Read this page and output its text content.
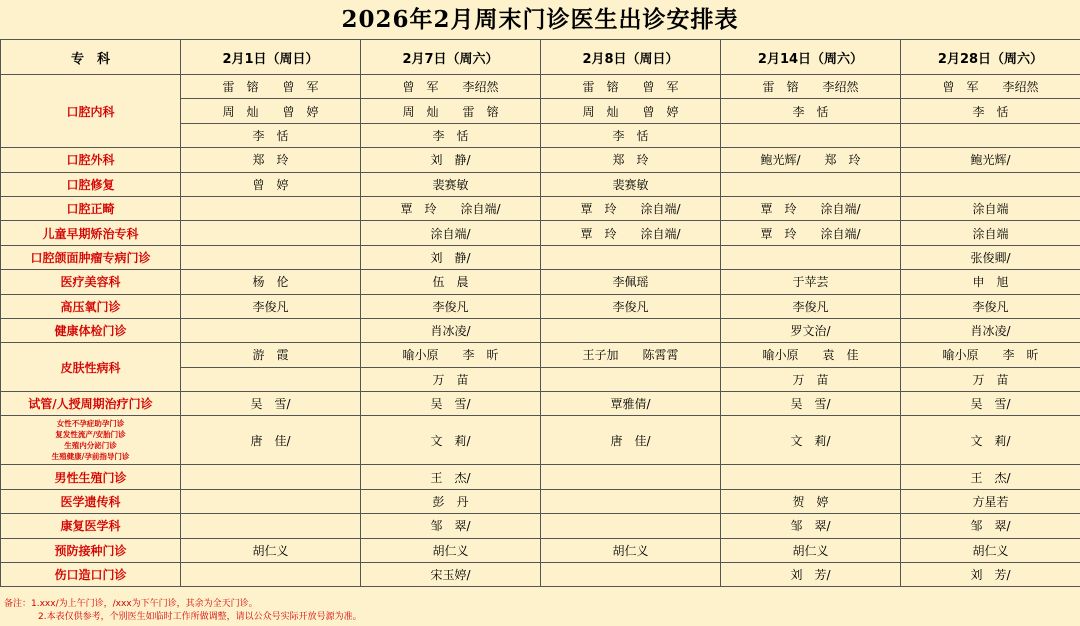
2026年2月周末门诊医生出诊安排表
专　科	2月1日（周日）	2月7日（周六）	2月8日（周日）	2月14日（周六）	2月28日（周六）
口腔内科	雷　镕　　曾　军	曾　军　　李绍然	雷　镕　　曾　军	雷　镕　　李绍然	曾　军　　李绍然
	周　灿　　曾　婷	周　灿　　雷　镕	周　灿　　曾　婷	李　恬	李　恬
	李　恬	李　恬	李　恬		
口腔外科	郑　玲	刘　静/	郑　玲	鲍光辉/　　郑　玲	鲍光辉/
口腔修复	曾　婷	裴赛敏	裴赛敏		
口腔正畸		覃　玲　　涂自端/	覃　玲　　涂自端/	覃　玲　　涂自端/	涂自端
儿童早期矫治专科		涂自端/	覃　玲　　涂自端/	覃　玲　　涂自端/	涂自端
口腔颌面肿瘤专病门诊		刘　静/			张俊卿/
医疗美容科	杨　伦	伍　晨	李佩瑶	于苹芸	申　旭
高压氧门诊	李俊凡	李俊凡	李俊凡	李俊凡	李俊凡
健康体检门诊		肖冰凌/		罗文治/	肖冰凌/
皮肤性病科	游　霞	喻小原　　李　昕	王子加　　陈霄霄	喻小原　　袁　佳	喻小原　　李　昕
		万　苗		万　苗	万　苗
试管/人授周期治疗门诊	吴　雪/	吴　雪/	覃雅倩/	吴　雪/	吴　雪/

女性不孕症助孕门诊
复发性流产/安胎门诊
生殖内分泌门诊
生殖健康/孕前指导门诊	唐　佳/	文　莉/	唐　佳/	文　莉/	文　莉/
男性生殖门诊		王　杰/			王　杰/
医学遗传科		彭　丹		贺　婷	方星若
康复医学科		邹　翠/		邹　翠/	邹　翠/
预防接种门诊	胡仁义	胡仁义	胡仁义	胡仁义	胡仁义
伤口造口门诊		宋玉婷/		刘　芳/	刘　芳/
备注：1.xxx/为上午门诊，/xxx为下午门诊，其余为全天门诊。
2.本表仅供参考，个别医生如临时工作所做调整，请以公众号实际开放号源为准。
